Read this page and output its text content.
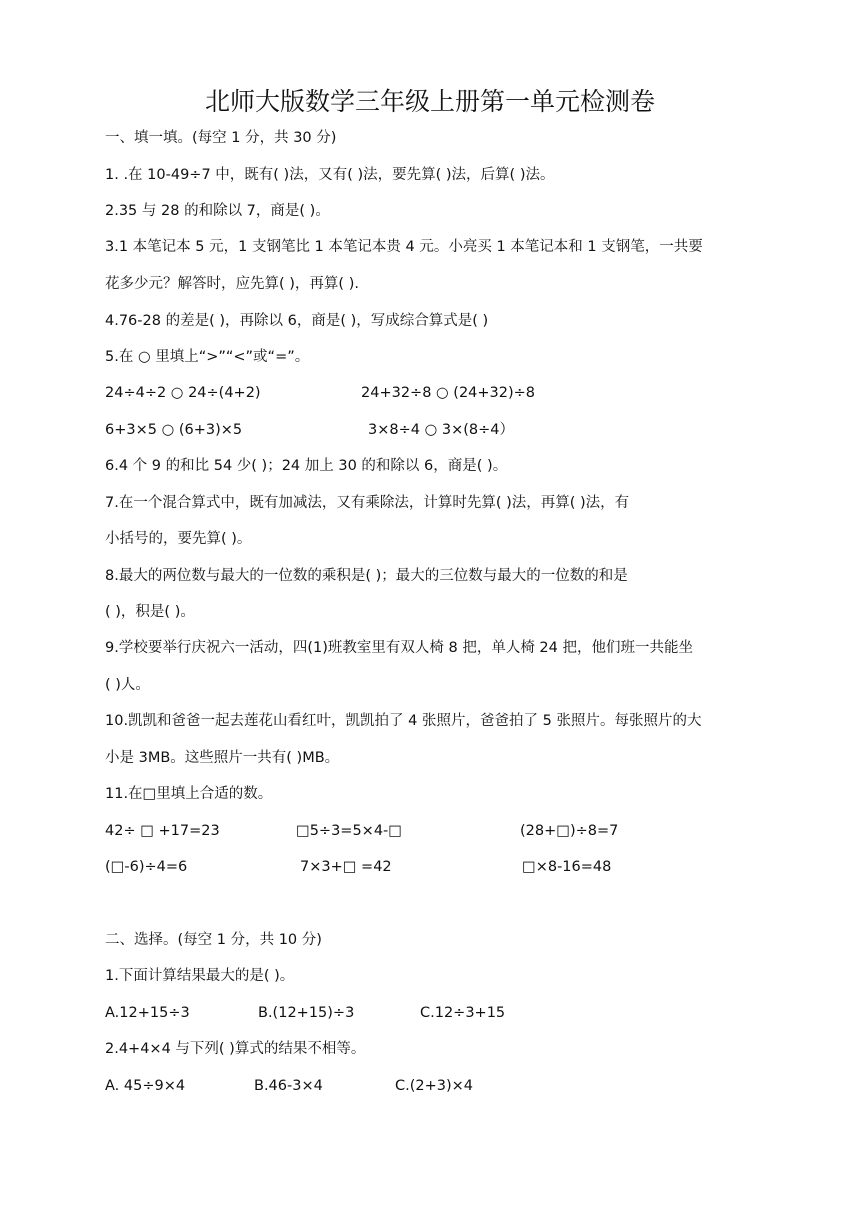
北师大版数学三年级上册第一单元检测卷
一、填一填。(每空 1 分，共 30 分)
1. .在 10-49÷7 中，既有( )法，又有( )法，要先算( )法，后算( )法。
2.35 与 28 的和除以 7，商是( )。
3.1 本笔记本 5 元，1 支钢笔比 1 本笔记本贵 4 元。小亮买 1 本笔记本和 1 支钢笔，一共要
花多少元？解答时，应先算( )，再算( ).
4.76-28 的差是( )，再除以 6，商是( )，写成综合算式是( )
5.在 ○ 里填上“>”“<”或“=”。
24÷4÷2 ○ 24÷(4+2)	24+32÷8 ○ (24+32)÷8
6+3×5 ○ (6+3)×5	3×8÷4 ○ 3×(8÷4）
6.4 个 9 的和比 54 少( )；24 加上 30 的和除以 6，商是( )。
7.在一个混合算式中，既有加减法，又有乘除法，计算时先算( )法，再算( )法，有
小括号的，要先算( )。
8.最大的两位数与最大的一位数的乘积是( )；最大的三位数与最大的一位数的和是
( )，积是( )。
9.学校要举行庆祝六一活动，四(1)班教室里有双人椅 8 把，单人椅 24 把，他们班一共能坐
( )人。
10.凯凯和爸爸一起去莲花山看红叶，凯凯拍了 4 张照片，爸爸拍了 5 张照片。每张照片的大
小是 3MB。这些照片一共有( )MB。
11.在□里填上合适的数。
42÷ □ +17=23	□5÷3=5×4-□	(28+□)÷8=7
(□-6)÷4=6	7×3+□ =42	□×8-16=48
二、选择。(每空 1 分，共 10 分)
1.下面计算结果最大的是( )。
A.12+15÷3	B.(12+15)÷3	C.12÷3+15
2.4+4×4 与下列( )算式的结果不相等。
A. 45÷9×4	B.46-3×4	C.(2+3)×4
